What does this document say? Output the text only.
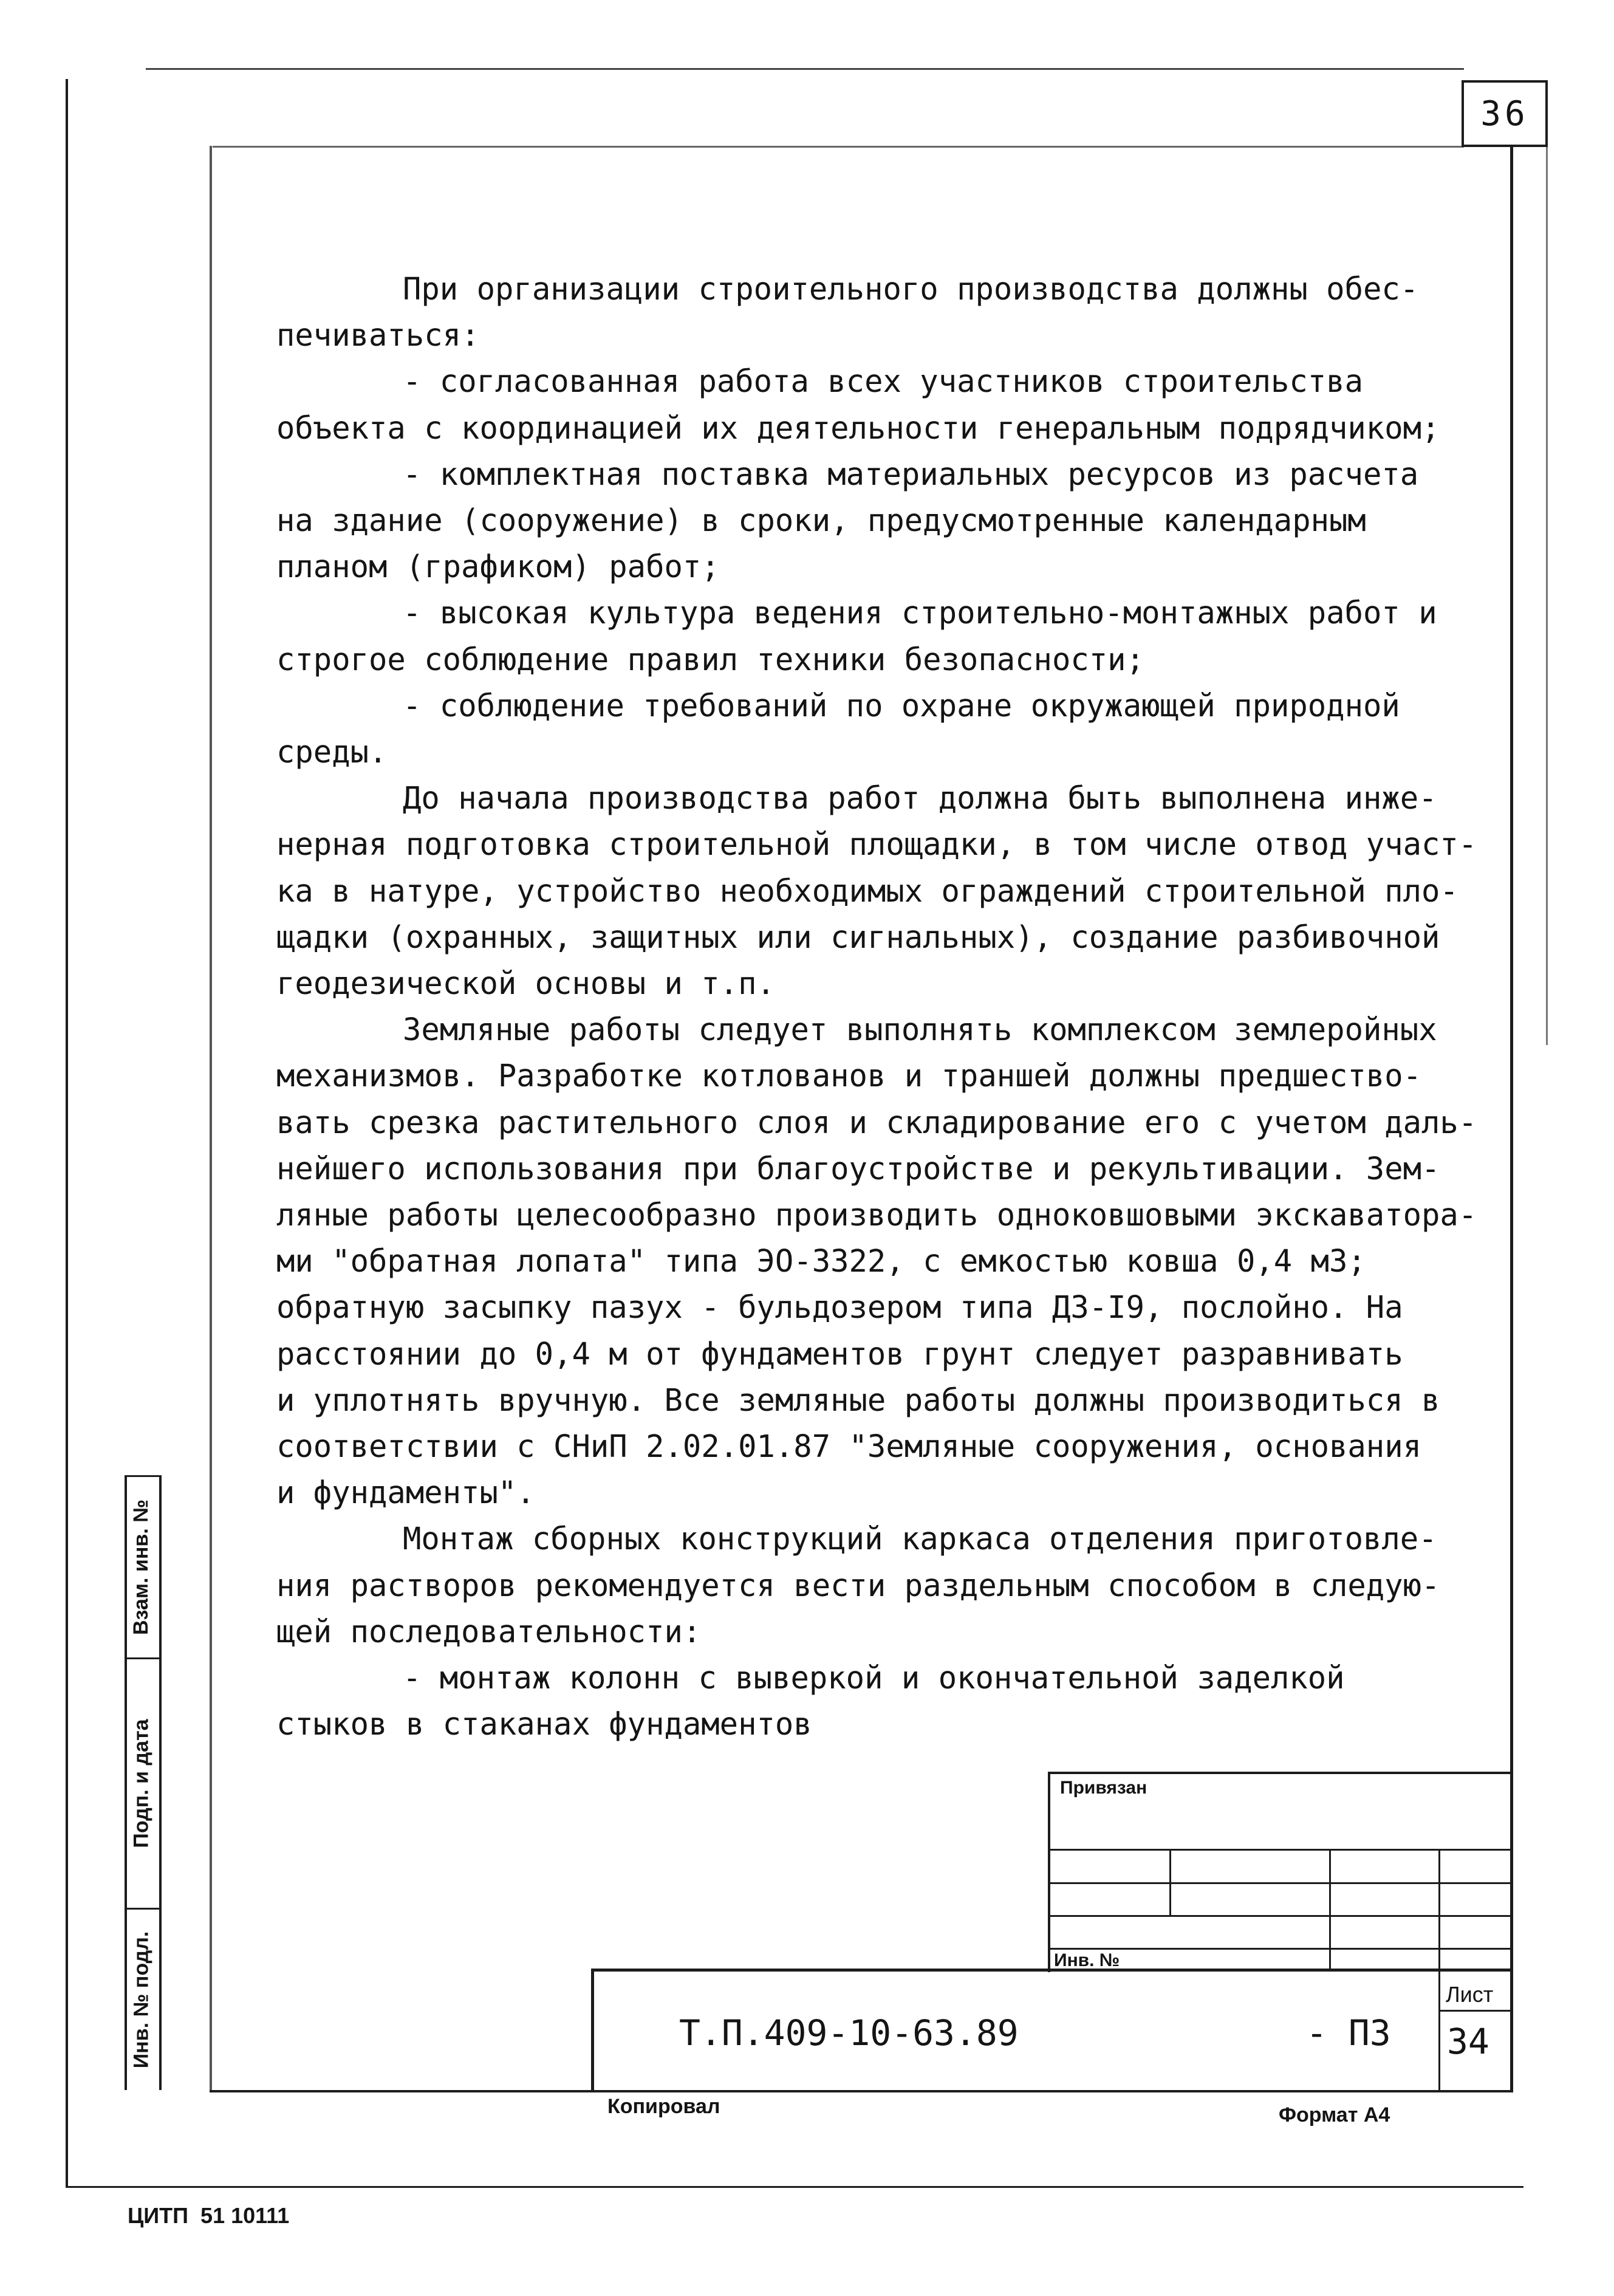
36

При организации строительного производства должны обес-

печиваться:

- согласованная работа всех участников строительства

объекта с координацией их деятельности генеральным подрядчиком;

- комплектная поставка материальных ресурсов из расчета

на здание (сооружение) в сроки, предусмотренные календарным

планом (графиком) работ;

- высокая культура ведения строительно-монтажных работ и

строгое соблюдение правил техники безопасности;

- соблюдение требований по охране окружающей природной

среды.

До начала производства работ должна быть выполнена инже-

нерная подготовка строительной площадки, в том числе отвод участ-

ка в натуре, устройство необходимых ограждений строительной пло-

щадки (охранных, защитных или сигнальных), создание разбивочной

геодезической основы и т.п.

Земляные работы следует выполнять комплексом землеройных

механизмов. Разработке котлованов и траншей должны предшество-

вать срезка растительного слоя и складирование его с учетом даль-

нейшего использования при благоустройстве и рекультивации. Зем-

ляные работы целесообразно производить одноковшовыми экскаватора-

ми "обратная лопата" типа ЭО-3322, с емкостью ковша 0,4 м3;

обратную засыпку пазух - бульдозером типа ДЗ-I9, послойно. На

расстоянии до 0,4 м от фундаментов грунт следует разравнивать

и уплотнять вручную. Все земляные работы должны производиться в

соответствии с СНиП 2.02.01.87 "Земляные сооружения, основания

и фундаменты".

Монтаж сборных конструкций каркаса отделения приготовле-

ния растворов рекомендуется вести раздельным способом в следую-

щей последовательности:

- монтаж колонн с выверкой и окончательной заделкой

стыков в стаканах фундаментов

Взам. инв. №
Подп. и дата
Инв. № подл.
Привязан
Инв. №
Т.П.409-10-63.89	- ПЗ
Лист
34
Копировал	Формат А4
ЦИТП  51 10111
